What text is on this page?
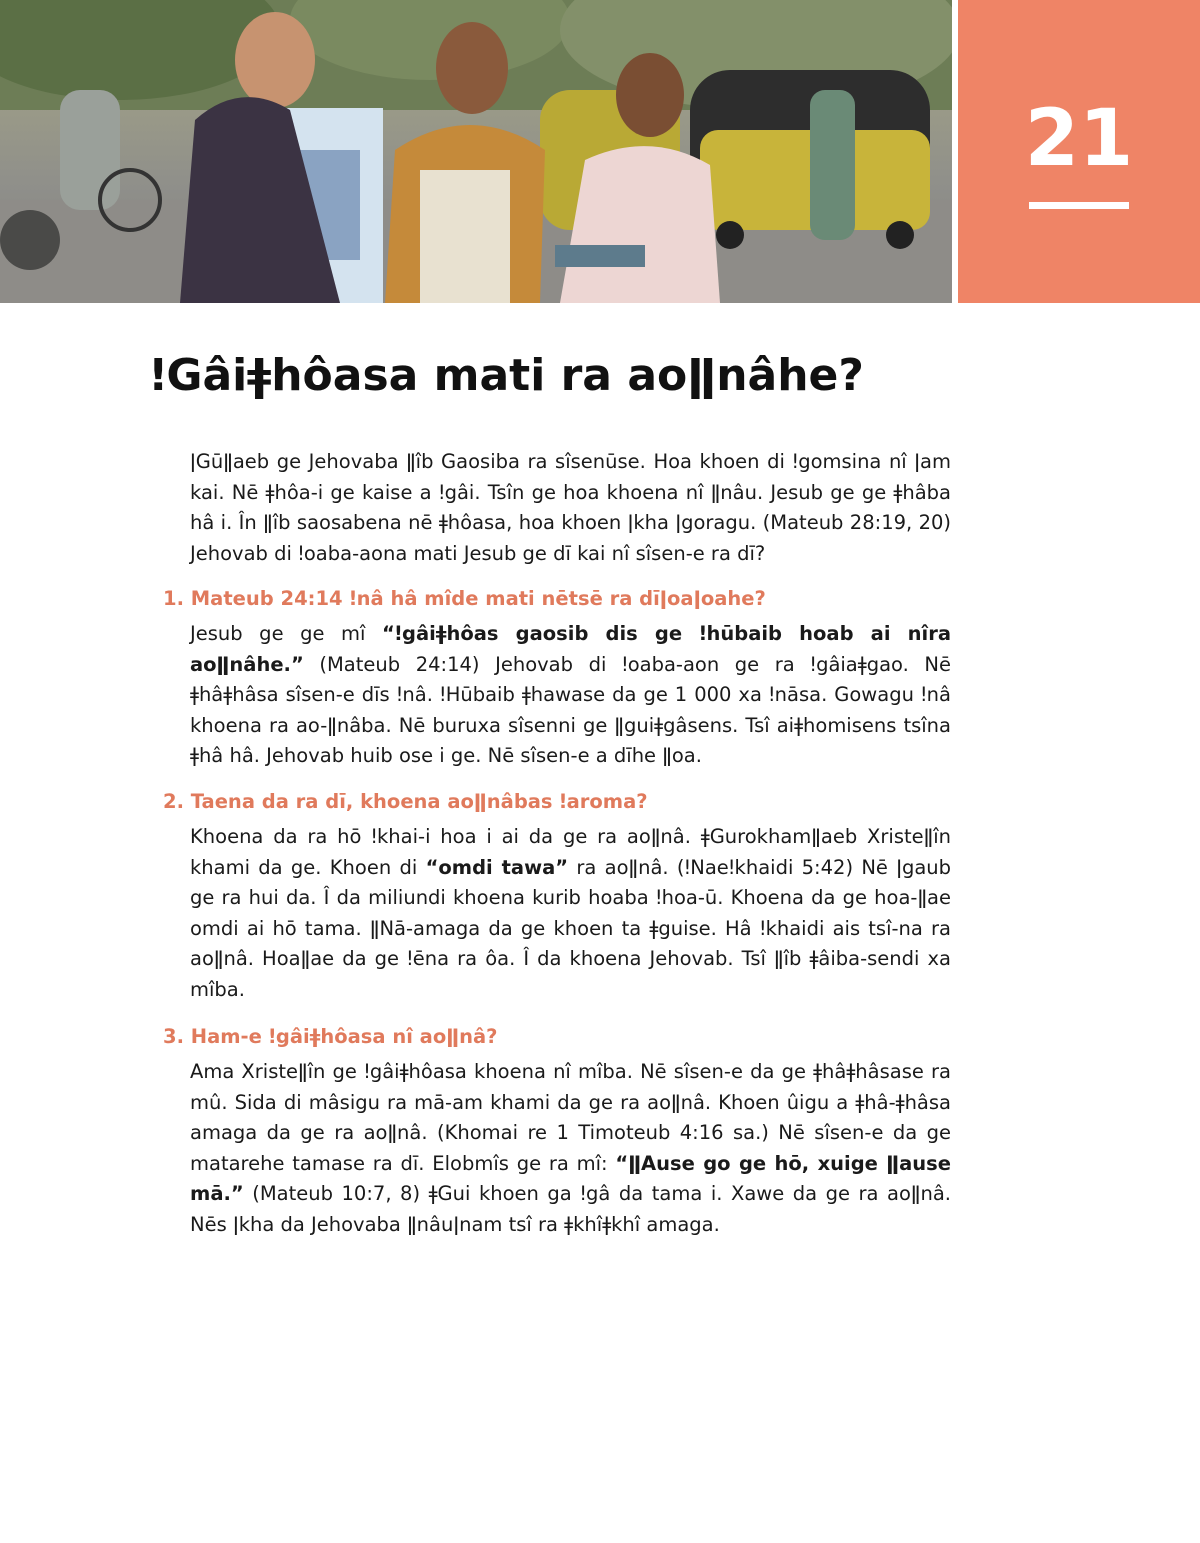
21
ǃGâiǂhôasa mati ra aoǁnâhe?

ǀGūǁaeb ge Jehovaba ǁîb Gaosiba ra sîsenūse. Hoa khoen di ǃgomsina nî ǀam kai. Nē ǂhôa-i ge kaise a ǃgâi. Tsîn ge hoa khoena nî ǁnâu. Jesub ge ge ǂhâba hâ i. În ǁîb saosabena nē ǂhôasa, hoa khoen ǀkha ǀgoragu. (Mateub 28:19, 20) Jehovab di ǃoaba-aona mati Jesub ge dī kai nî sîsen-e ra dī?

1. Mateub 24:14 ǃnâ hâ mîde mati nētsē ra dīǀoaǀoahe?

Jesub ge ge mî “ǃgâiǂhôas gaosib dis ge ǃhūbaib hoab ai nîra aoǁnâhe.” (Mateub 24:14) Jehovab di ǃoaba-aon ge ra ǃgâiaǂgao. Nē ǂhâǂhâsa sîsen-e dīs ǃnâ. ǃHūbaib ǂhawase da ge 1 000 xa ǃnāsa. Gowagu ǃnâ khoena ra ao-ǁnâba. Nē buruxa sîsenni ge ǁguiǂgâsens. Tsî aiǂhomisens tsîna ǂhâ hâ. Jehovab huib ose i ge. Nē sîsen-e a dīhe ǁoa.

2. Taena da ra dī, khoena aoǁnâbas ǃaroma?

Khoena da ra hō ǃkhai-i hoa i ai da ge ra aoǁnâ. ǂGurokhamǁaeb Xristeǁîn khami da ge. Khoen di “omdi tawa” ra aoǁnâ. (ǃNaeǃkhaidi 5:42) Nē ǀgaub ge ra hui da. Î da miliundi khoena kurib hoaba ǃhoa-ū. Khoena da ge hoa-ǁae omdi ai hō tama. ǁNā-amaga da ge khoen ta ǂguise. Hâ ǃkhaidi ais tsî-na ra aoǁnâ. Hoaǁae da ge ǃēna ra ôa. Î da khoena Jehovab. Tsî ǁîb ǂâiba-sendi xa mîba.

3. Ham-e ǃgâiǂhôasa nî aoǁnâ?

Ama Xristeǁîn ge ǃgâiǂhôasa khoena nî mîba. Nē sîsen-e da ge ǂhâǂhâsase ra mû. Sida di mâsigu ra mā-am khami da ge ra aoǁnâ. Khoen ûigu a ǂhâ-ǂhâsa amaga da ge ra aoǁnâ. (Khomai re 1 Timoteub 4:16 sa.) Nē sîsen-e da ge matarehe tamase ra dī. Elobmîs ge ra mî: “ǁAuse go ge hō, xuige ǁause mā.” (Mateub 10:7, 8) ǂGui khoen ga ǃgâ da tama i. Xawe da ge ra aoǁnâ. Nēs ǀkha da Jehovaba ǁnâuǀnam tsî ra ǂkhîǂkhî amaga.
